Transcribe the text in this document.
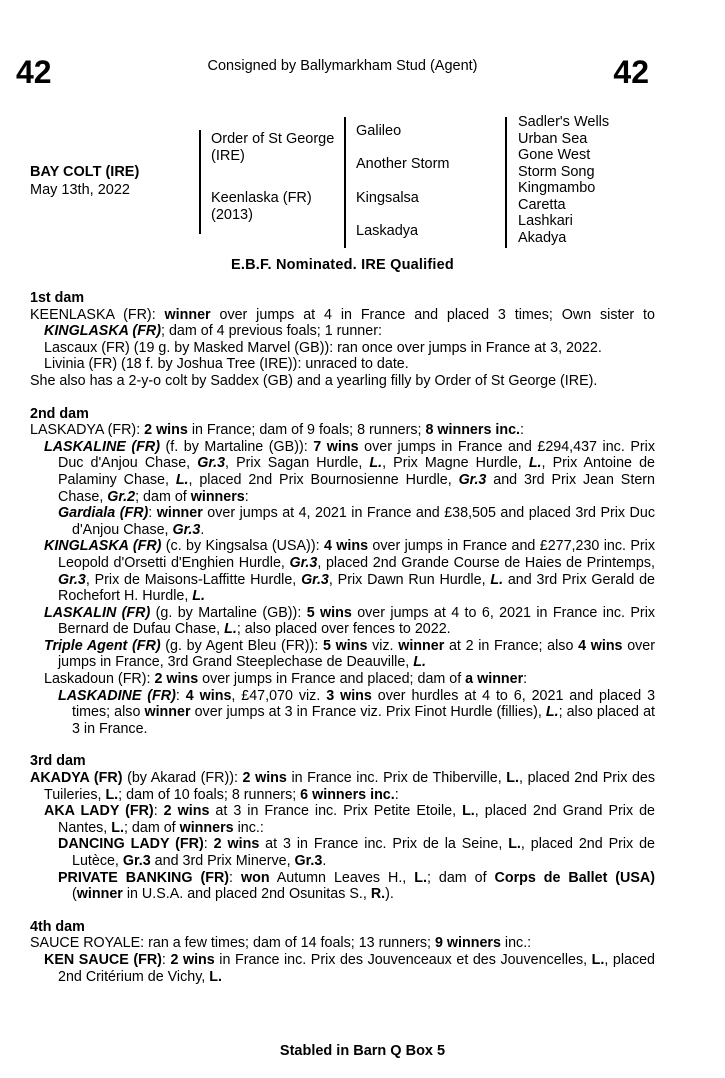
42	42
Consigned by Ballymarkham Stud (Agent)
BAY COLT (IRE)
May 13th, 2022
Order of St George (IRE)
Keenlaska (FR) (2013)
Galileo
Another Storm
Kingsalsa
Laskadya
Sadler's Wells
Urban Sea
Gone West
Storm Song
Kingmambo
Caretta
Lashkari
Akadya
E.B.F. Nominated. IRE Qualified
1st dam
KEENLASKA (FR): winner over jumps at 4 in France and placed 3 times; Own sister to KINGLASKA (FR); dam of 4 previous foals; 1 runner:
Lascaux (FR) (19 g. by Masked Marvel (GB)): ran once over jumps in France at 3, 2022.
Livinia (FR) (18 f. by Joshua Tree (IRE)): unraced to date.
She also has a 2-y-o colt by Saddex (GB) and a yearling filly by Order of St George (IRE).
2nd dam
LASKADYA (FR): 2 wins in France; dam of 9 foals; 8 runners; 8 winners inc.:
LASKALINE (FR) (f. by Martaline (GB)): 7 wins over jumps in France and £294,437 inc. Prix Duc d'Anjou Chase, Gr.3, Prix Sagan Hurdle, L., Prix Magne Hurdle, L., Prix Antoine de Palaminy Chase, L., placed 2nd Prix Bournosienne Hurdle, Gr.3 and 3rd Prix Jean Stern Chase, Gr.2; dam of winners:
Gardiala (FR): winner over jumps at 4, 2021 in France and £38,505 and placed 3rd Prix Duc d'Anjou Chase, Gr.3.
KINGLASKA (FR) (c. by Kingsalsa (USA)): 4 wins over jumps in France and £277,230 inc. Prix Leopold d'Orsetti d'Enghien Hurdle, Gr.3, placed 2nd Grande Course de Haies de Printemps, Gr.3, Prix de Maisons-Laffitte Hurdle, Gr.3, Prix Dawn Run Hurdle, L. and 3rd Prix Gerald de Rochefort H. Hurdle, L.
LASKALIN (FR) (g. by Martaline (GB)): 5 wins over jumps at 4 to 6, 2021 in France inc. Prix Bernard de Dufau Chase, L.; also placed over fences to 2022.
Triple Agent (FR) (g. by Agent Bleu (FR)): 5 wins viz. winner at 2 in France; also 4 wins over jumps in France, 3rd Grand Steeplechase de Deauville, L.
Laskadoun (FR): 2 wins over jumps in France and placed; dam of a winner:
LASKADINE (FR): 4 wins, £47,070 viz. 3 wins over hurdles at 4 to 6, 2021 and placed 3 times; also winner over jumps at 3 in France viz. Prix Finot Hurdle (fillies), L.; also placed at 3 in France.
3rd dam
AKADYA (FR) (by Akarad (FR)): 2 wins in France inc. Prix de Thiberville, L., placed 2nd Prix des Tuileries, L.; dam of 10 foals; 8 runners; 6 winners inc.:
AKA LADY (FR): 2 wins at 3 in France inc. Prix Petite Etoile, L., placed 2nd Grand Prix de Nantes, L.; dam of winners inc.:
DANCING LADY (FR): 2 wins at 3 in France inc. Prix de la Seine, L., placed 2nd Prix de Lutèce, Gr.3 and 3rd Prix Minerve, Gr.3.
PRIVATE BANKING (FR): won Autumn Leaves H., L.; dam of Corps de Ballet (USA) (winner in U.S.A. and placed 2nd Osunitas S., R.).
4th dam
SAUCE ROYALE: ran a few times; dam of 14 foals; 13 runners; 9 winners inc.:
KEN SAUCE (FR): 2 wins in France inc. Prix des Jouvenceaux et des Jouvencelles, L., placed 2nd Critérium de Vichy, L.
Stabled in Barn Q Box 5
